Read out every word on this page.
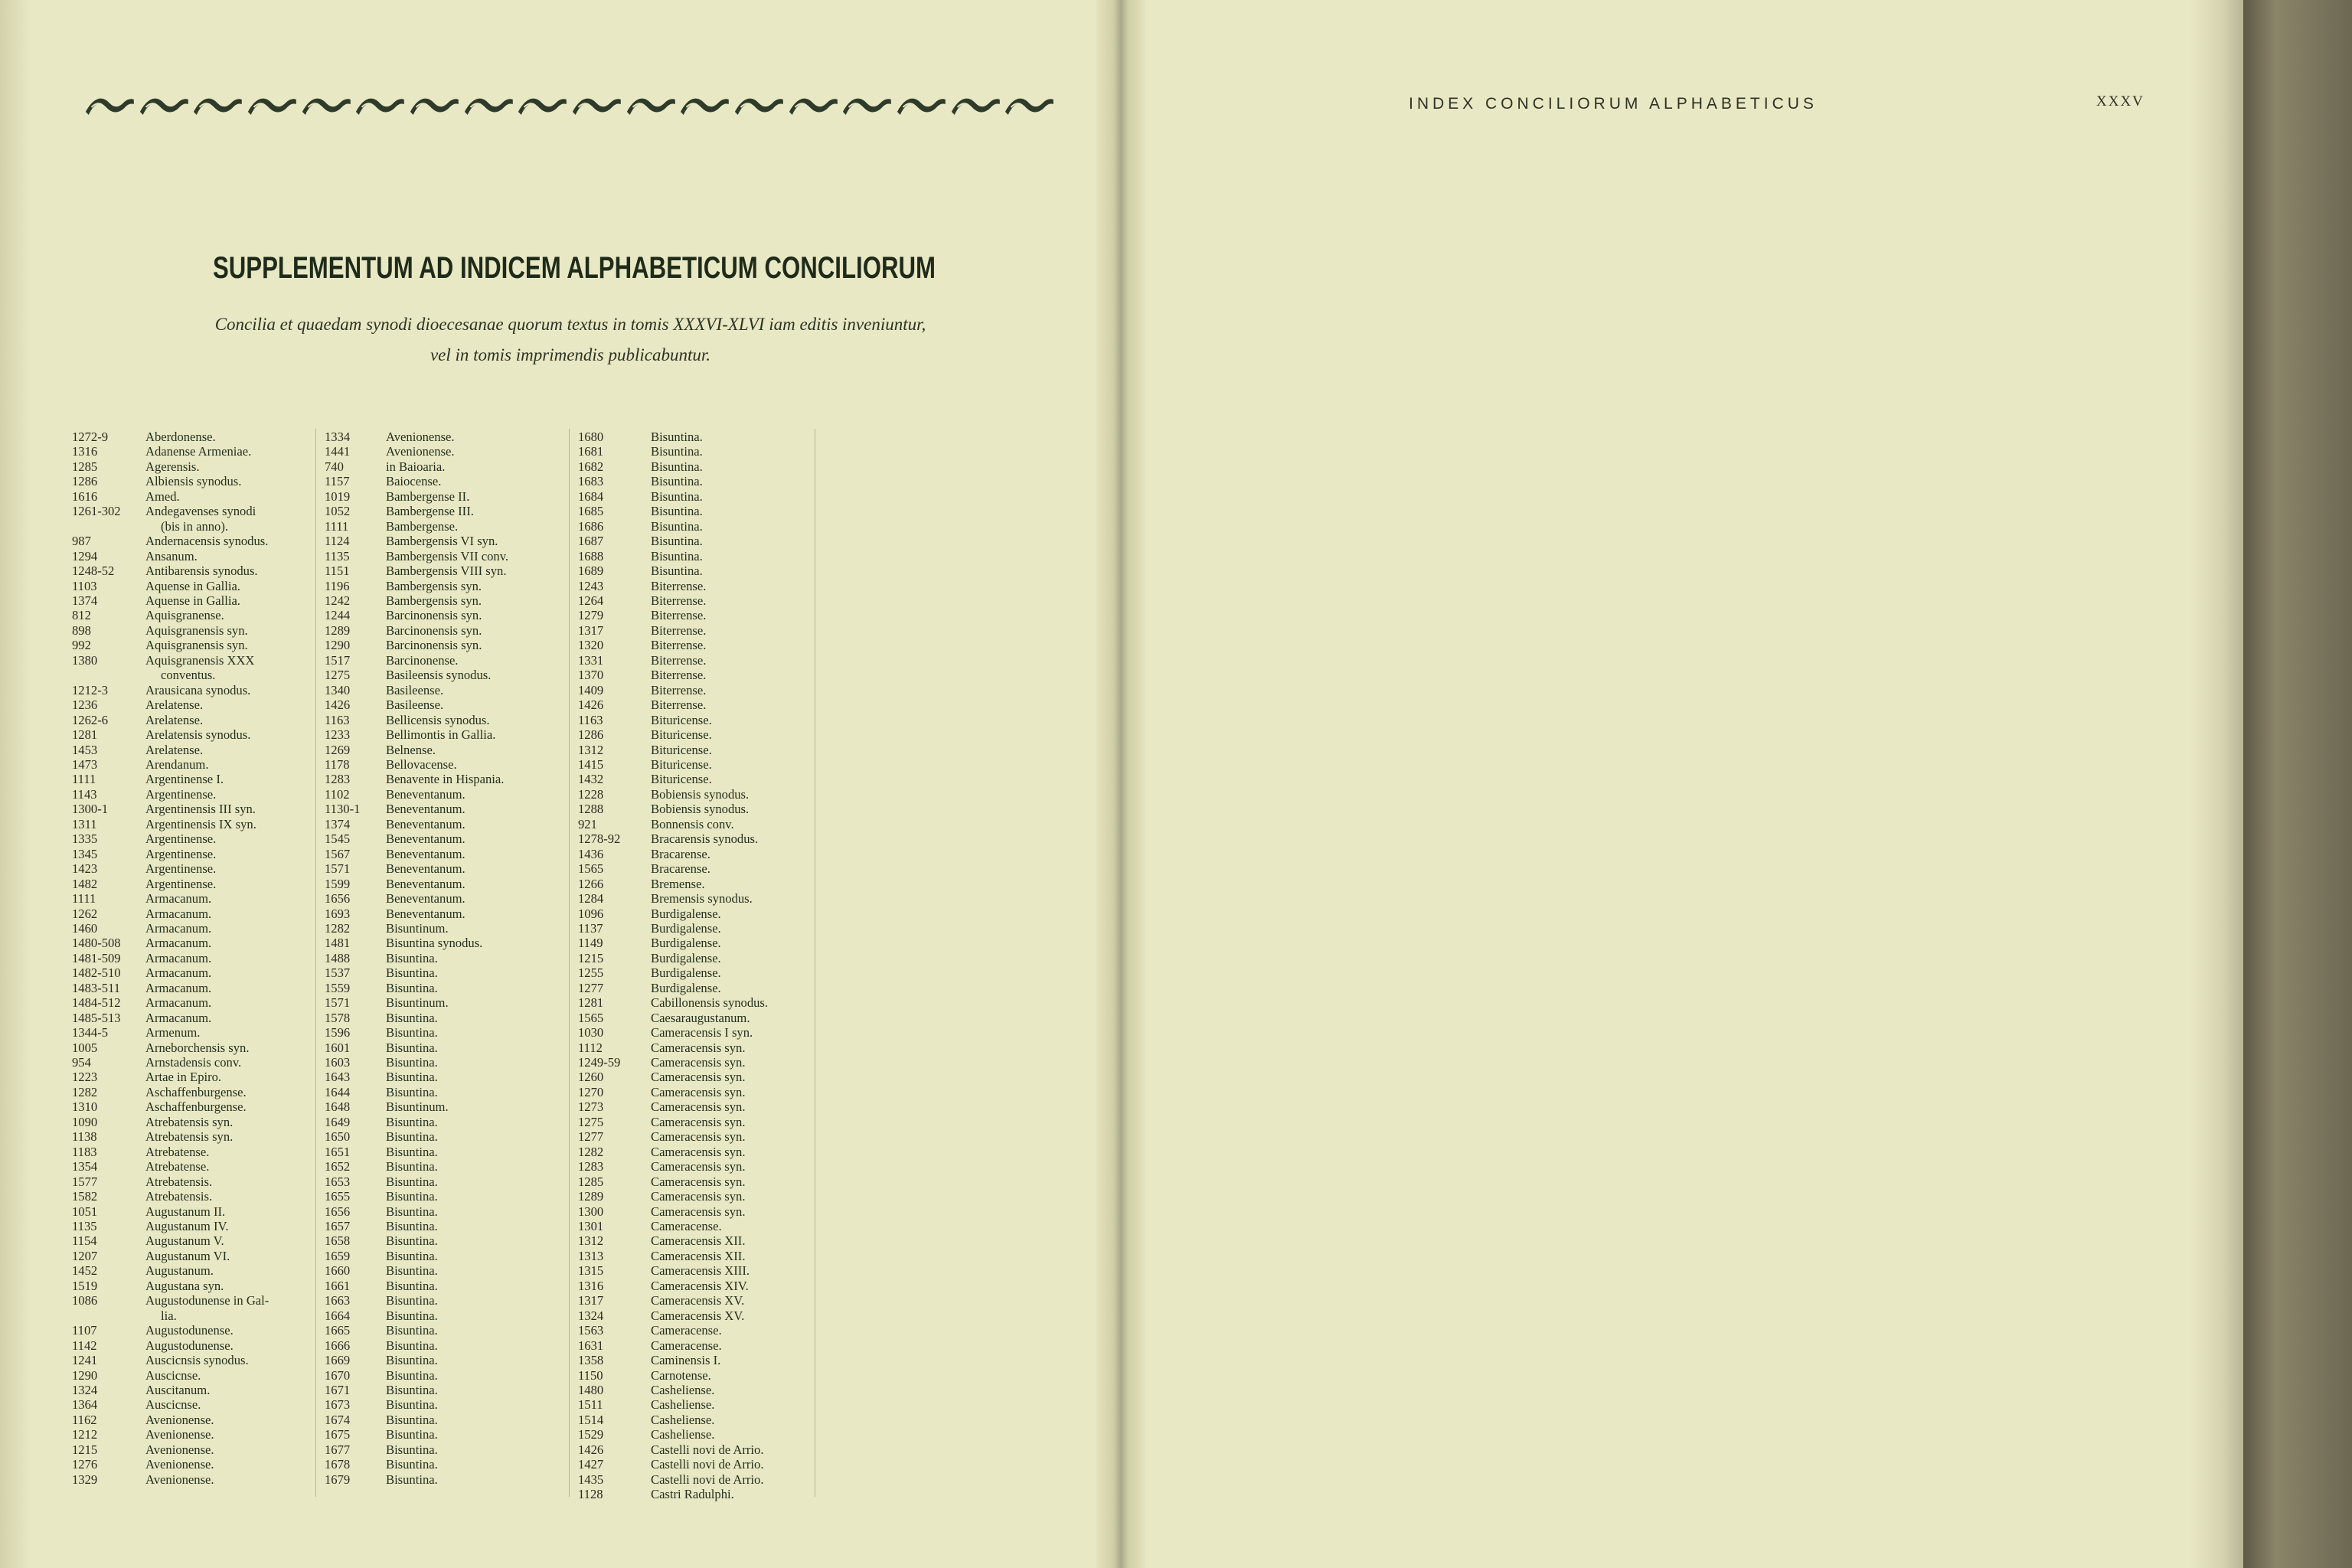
SUPPLEMENTUM AD INDICEM ALPHABETICUM CONCILIORUM
Concilia et quaedam synodi dioecesanae quorum textus in tomis XXXVI-XLVI iam editis inveniuntur,
vel in tomis imprimendis publicabuntur.
INDEX CONCILIORUM ALPHABETICUS	XXXV
1272-9	Aberdonense.
1316	Adanense Armeniae.
1285	Agerensis.
1286	Albiensis synodus.
1616	Amed.
1261-302	Andegavenses synodi
(bis in anno).
987	Andernacensis synodus.
1294	Ansanum.
1248-52	Antibarensis synodus.
1103	Aquense in Gallia.
1374	Aquense in Gallia.
812	Aquisgranense.
898	Aquisgranensis syn.
992	Aquisgranensis syn.
1380	Aquisgranensis XXX
conventus.
1212-3	Arausicana synodus.
1236	Arelatense.
1262-6	Arelatense.
1281	Arelatensis synodus.
1453	Arelatense.
1473	Arendanum.
1111	Argentinense I.
1143	Argentinense.
1300-1	Argentinensis III syn.
1311	Argentinensis IX syn.
1335	Argentinense.
1345	Argentinense.
1423	Argentinense.
1482	Argentinense.
1111	Armacanum.
1262	Armacanum.
1460	Armacanum.
1480-508	Armacanum.
1481-509	Armacanum.
1482-510	Armacanum.
1483-511	Armacanum.
1484-512	Armacanum.
1485-513	Armacanum.
1344-5	Armenum.
1005	Arneborchensis syn.
954	Arnstadensis conv.
1223	Artae in Epiro.
1282	Aschaffenburgense.
1310	Aschaffenburgense.
1090	Atrebatensis syn.
1138	Atrebatensis syn.
1183	Atrebatense.
1354	Atrebatense.
1577	Atrebatensis.
1582	Atrebatensis.
1051	Augustanum II.
1135	Augustanum IV.
1154	Augustanum V.
1207	Augustanum VI.
1452	Augustanum.
1519	Augustana syn.
1086	Augustodunense in Gal-
lia.
1107	Augustodunense.
1142	Augustodunense.
1241	Auscicnsis synodus.
1290	Auscicnse.
1324	Auscitanum.
1364	Auscicnse.
1162	Avenionense.
1212	Avenionense.
1215	Avenionense.
1276	Avenionense.
1329	Avenionense.
1334	Avenionense.
1441	Avenionense.
740	in Baioaria.
1157	Baiocense.
1019	Bambergense II.
1052	Bambergense III.
1111	Bambergense.
1124	Bambergensis VI syn.
1135	Bambergensis VII conv.
1151	Bambergensis VIII syn.
1196	Bambergensis syn.
1242	Bambergensis syn.
1244	Barcinonensis syn.
1289	Barcinonensis syn.
1290	Barcinonensis syn.
1517	Barcinonense.
1275	Basileensis synodus.
1340	Basileense.
1426	Basileense.
1163	Bellicensis synodus.
1233	Bellimontis in Gallia.
1269	Belnense.
1178	Bellovacense.
1283	Benavente in Hispania.
1102	Beneventanum.
1130-1	Beneventanum.
1374	Beneventanum.
1545	Beneventanum.
1567	Beneventanum.
1571	Beneventanum.
1599	Beneventanum.
1656	Beneventanum.
1693	Beneventanum.
1282	Bisuntinum.
1481	Bisuntina synodus.
1488	Bisuntina.
1537	Bisuntina.
1559	Bisuntina.
1571	Bisuntinum.
1578	Bisuntina.
1596	Bisuntina.
1601	Bisuntina.
1603	Bisuntina.
1643	Bisuntina.
1644	Bisuntina.
1648	Bisuntinum.
1649	Bisuntina.
1650	Bisuntina.
1651	Bisuntina.
1652	Bisuntina.
1653	Bisuntina.
1655	Bisuntina.
1656	Bisuntina.
1657	Bisuntina.
1658	Bisuntina.
1659	Bisuntina.
1660	Bisuntina.
1661	Bisuntina.
1663	Bisuntina.
1664	Bisuntina.
1665	Bisuntina.
1666	Bisuntina.
1669	Bisuntina.
1670	Bisuntina.
1671	Bisuntina.
1673	Bisuntina.
1674	Bisuntina.
1675	Bisuntina.
1677	Bisuntina.
1678	Bisuntina.
1679	Bisuntina.
1680	Bisuntina.
1681	Bisuntina.
1682	Bisuntina.
1683	Bisuntina.
1684	Bisuntina.
1685	Bisuntina.
1686	Bisuntina.
1687	Bisuntina.
1688	Bisuntina.
1689	Bisuntina.
1243	Biterrense.
1264	Biterrense.
1279	Biterrense.
1317	Biterrense.
1320	Biterrense.
1331	Biterrense.
1370	Biterrense.
1409	Biterrense.
1426	Biterrense.
1163	Bituricense.
1286	Bituricense.
1312	Bituricense.
1415	Bituricense.
1432	Bituricense.
1228	Bobiensis synodus.
1288	Bobiensis synodus.
921	Bonnensis conv.
1278-92	Bracarensis synodus.
1436	Bracarense.
1565	Bracarense.
1266	Bremense.
1284	Bremensis synodus.
1096	Burdigalense.
1137	Burdigalense.
1149	Burdigalense.
1215	Burdigalense.
1255	Burdigalense.
1277	Burdigalense.
1281	Cabillonensis synodus.
1565	Caesaraugustanum.
1030	Cameracensis I syn.
1112	Cameracensis syn.
1249-59	Cameracensis syn.
1260	Cameracensis syn.
1270	Cameracensis syn.
1273	Cameracensis syn.
1275	Cameracensis syn.
1277	Cameracensis syn.
1282	Cameracensis syn.
1283	Cameracensis syn.
1285	Cameracensis syn.
1289	Cameracensis syn.
1300	Cameracensis syn.
1301	Cameracense.
1312	Cameracensis XII.
1313	Cameracensis XII.
1315	Cameracensis XIII.
1316	Cameracensis XIV.
1317	Cameracensis XV.
1324	Cameracensis XV.
1563	Cameracense.
1631	Cameracense.
1358	Caminensis I.
1150	Carnotense.
1480	Casheliense.
1511	Casheliense.
1514	Casheliense.
1529	Casheliense.
1426	Castelli novi de Arrio.
1427	Castelli novi de Arrio.
1435	Castelli novi de Arrio.
1128	Castri Radulphi.
